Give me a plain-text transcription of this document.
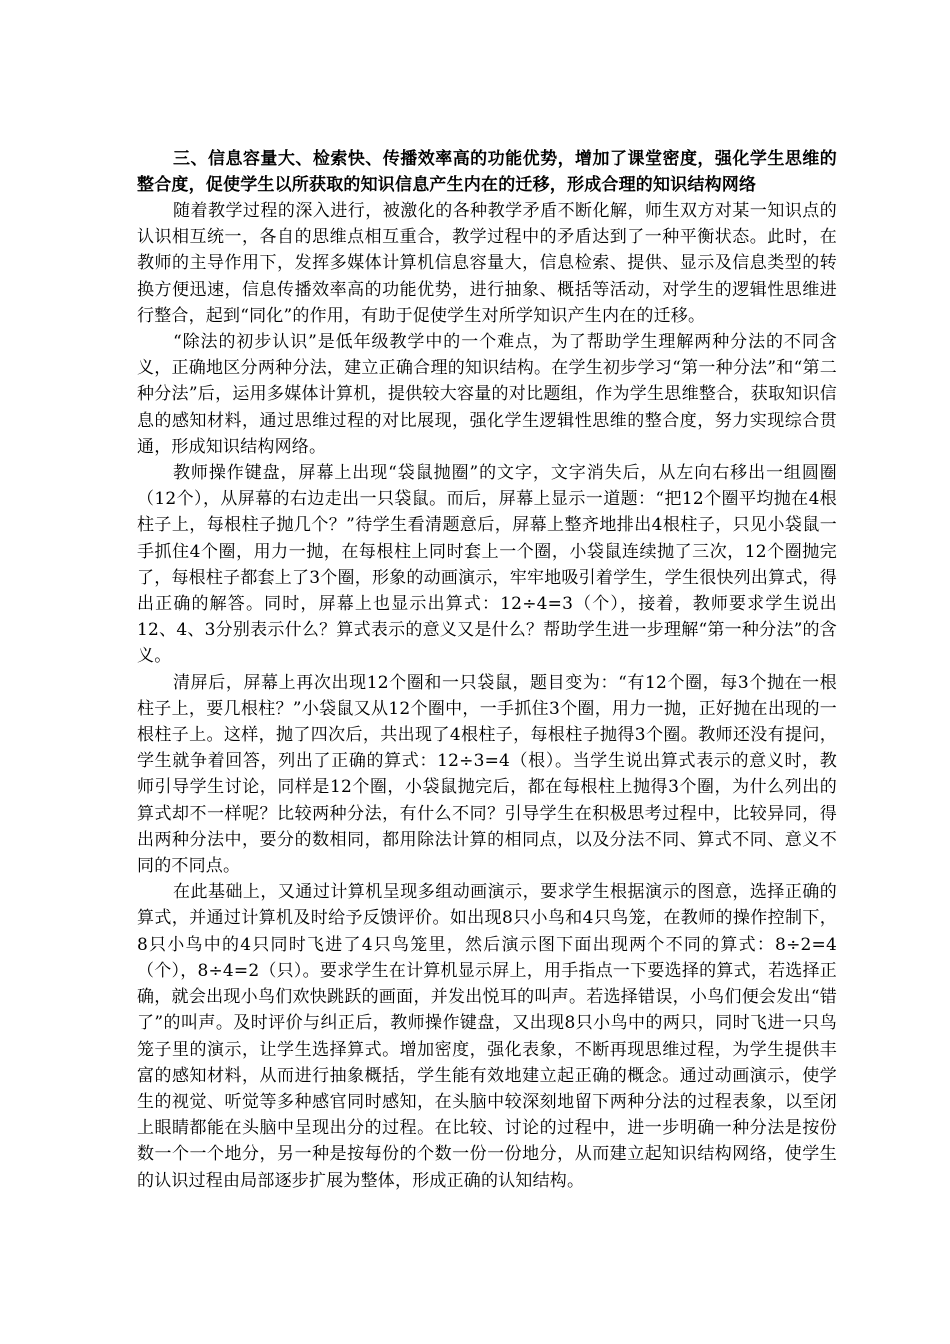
三、信息容量大、检索快、传播效率高的功能优势，增加了课堂密度，强化学生思维的整合度，促使学生以所获取的知识信息产生内在的迁移，形成合理的知识结构网络

随着教学过程的深入进行，被激化的各种教学矛盾不断化解，师生双方对某一知识点的认识相互统一，各自的思维点相互重合，教学过程中的矛盾达到了一种平衡状态。此时，在教师的主导作用下，发挥多媒体计算机信息容量大，信息检索、提供、显示及信息类型的转换方便迅速，信息传播效率高的功能优势，进行抽象、概括等活动，对学生的逻辑性思维进行整合，起到“同化”的作用，有助于促使学生对所学知识产生内在的迁移。

“除法的初步认识”是低年级教学中的一个难点，为了帮助学生理解两种分法的不同含义，正确地区分两种分法，建立正确合理的知识结构。在学生初步学习“第一种分法”和“第二种分法”后，运用多媒体计算机，提供较大容量的对比题组，作为学生思维整合，获取知识信息的感知材料，通过思维过程的对比展现，强化学生逻辑性思维的整合度，努力实现综合贯通，形成知识结构网络。

教师操作键盘，屏幕上出现“袋鼠抛圈”的文字，文字消失后，从左向右移出一组圆圈（12个），从屏幕的右边走出一只袋鼠。而后，屏幕上显示一道题：“把12个圈平均抛在4根柱子上，每根柱子抛几个？”待学生看清题意后，屏幕上整齐地排出4根柱子，只见小袋鼠一手抓住4个圈，用力一抛，在每根柱上同时套上一个圈，小袋鼠连续抛了三次，12个圈抛完了，每根柱子都套上了3个圈，形象的动画演示，牢牢地吸引着学生，学生很快列出算式，得出正确的解答。同时，屏幕上也显示出算式：12÷4=3（个），接着，教师要求学生说出12、4、3分别表示什么？算式表示的意义又是什么？帮助学生进一步理解“第一种分法”的含义。

清屏后，屏幕上再次出现12个圈和一只袋鼠，题目变为：“有12个圈，每3个抛在一根柱子上，要几根柱？”小袋鼠又从12个圈中，一手抓住3个圈，用力一抛，正好抛在出现的一根柱子上。这样，抛了四次后，共出现了4根柱子，每根柱子抛得3个圈。教师还没有提问，学生就争着回答，列出了正确的算式：12÷3=4（根）。当学生说出算式表示的意义时，教师引导学生讨论，同样是12个圈，小袋鼠抛完后，都在每根柱上抛得3个圈，为什么列出的算式却不一样呢？比较两种分法，有什么不同？引导学生在积极思考过程中，比较异同，得出两种分法中，要分的数相同，都用除法计算的相同点，以及分法不同、算式不同、意义不同的不同点。

在此基础上，又通过计算机呈现多组动画演示，要求学生根据演示的图意，选择正确的算式，并通过计算机及时给予反馈评价。如出现8只小鸟和4只鸟笼，在教师的操作控制下，8只小鸟中的4只同时飞进了4只鸟笼里，然后演示图下面出现两个不同的算式：8÷2=4（个），8÷4=2（只）。要求学生在计算机显示屏上，用手指点一下要选择的算式，若选择正确，就会出现小鸟们欢快跳跃的画面，并发出悦耳的叫声。若选择错误，小鸟们便会发出“错了”的叫声。及时评价与纠正后，教师操作键盘，又出现8只小鸟中的两只，同时飞进一只鸟笼子里的演示，让学生选择算式。增加密度，强化表象，不断再现思维过程，为学生提供丰富的感知材料，从而进行抽象概括，学生能有效地建立起正确的概念。通过动画演示，使学生的视觉、听觉等多种感官同时感知，在头脑中较深刻地留下两种分法的过程表象，以至闭上眼睛都能在头脑中呈现出分的过程。在比较、讨论的过程中，进一步明确一种分法是按份数一个一个地分，另一种是按每份的个数一份一份地分，从而建立起知识结构网络，使学生的认识过程由局部逐步扩展为整体，形成正确的认知结构。
